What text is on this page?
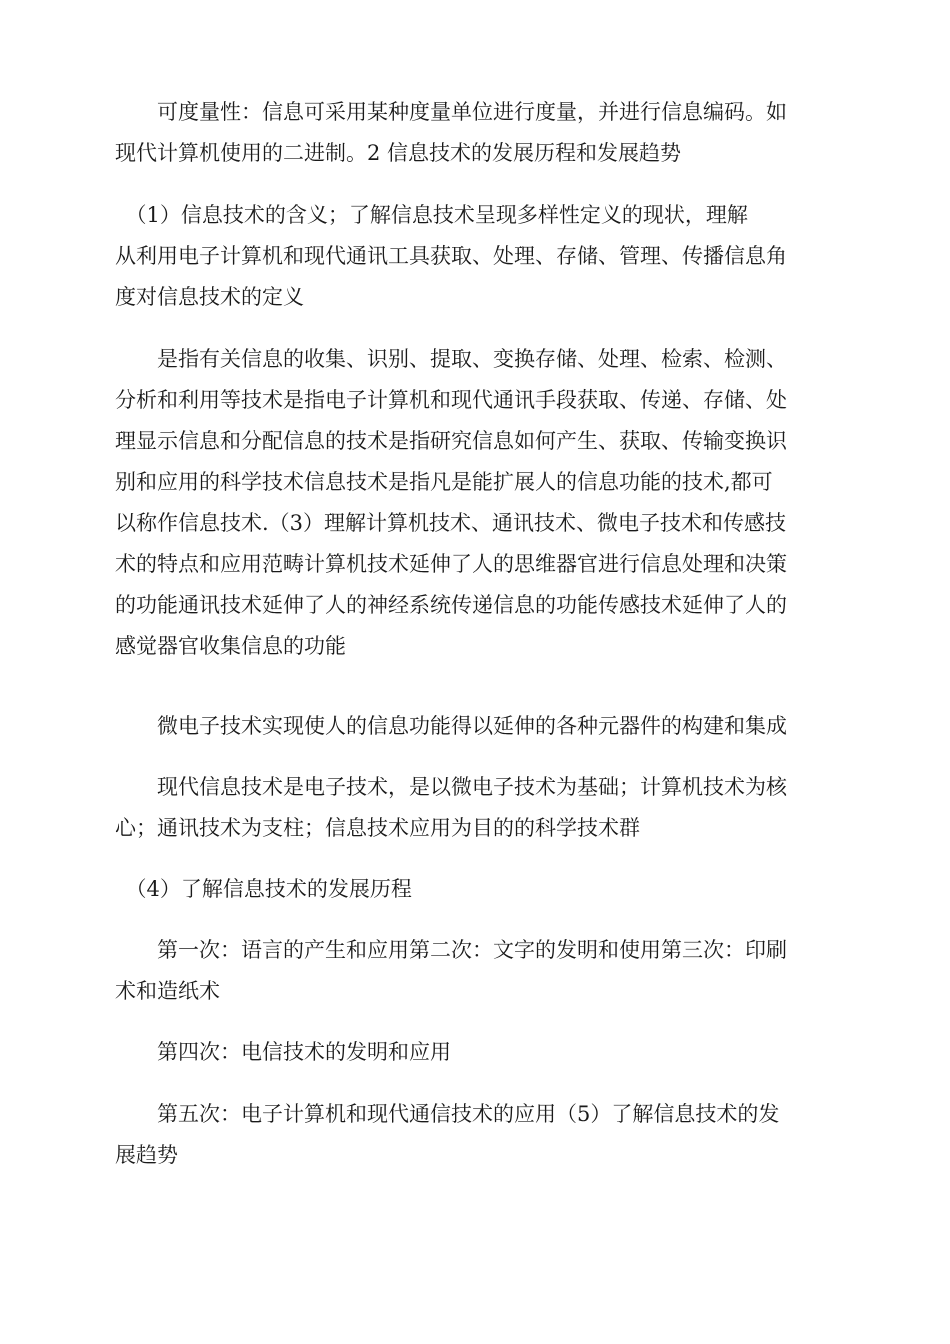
　　可度量性：信息可采用某种度量单位进行度量，并进行信息编码。如
现代计算机使用的二进制。2 信息技术的发展历程和发展趋势
　（1）信息技术的含义；了解信息技术呈现多样性定义的现状，理解
从利用电子计算机和现代通讯工具获取、处理、存储、管理、传播信息角
度对信息技术的定义
　　是指有关信息的收集、识别、提取、变换存储、处理、检索、检测、
分析和利用等技术是指电子计算机和现代通讯手段获取、传递、存储、处
理显示信息和分配信息的技术是指研究信息如何产生、获取、传输变换识
别和应用的科学技术信息技术是指凡是能扩展人的信息功能的技术,都可
以称作信息技术.（3）理解计算机技术、通讯技术、微电子技术和传感技
术的特点和应用范畴计算机技术延伸了人的思维器官进行信息处理和决策
的功能通讯技术延伸了人的神经系统传递信息的功能传感技术延伸了人的
感觉器官收集信息的功能
　　微电子技术实现使人的信息功能得以延伸的各种元器件的构建和集成
　　现代信息技术是电子技术，是以微电子技术为基础；计算机技术为核
心；通讯技术为支柱；信息技术应用为目的的科学技术群
　（4）了解信息技术的发展历程
　　第一次：语言的产生和应用第二次：文字的发明和使用第三次：印刷
术和造纸术
　　第四次：电信技术的发明和应用
　　第五次：电子计算机和现代通信技术的应用（5）了解信息技术的发
展趋势
